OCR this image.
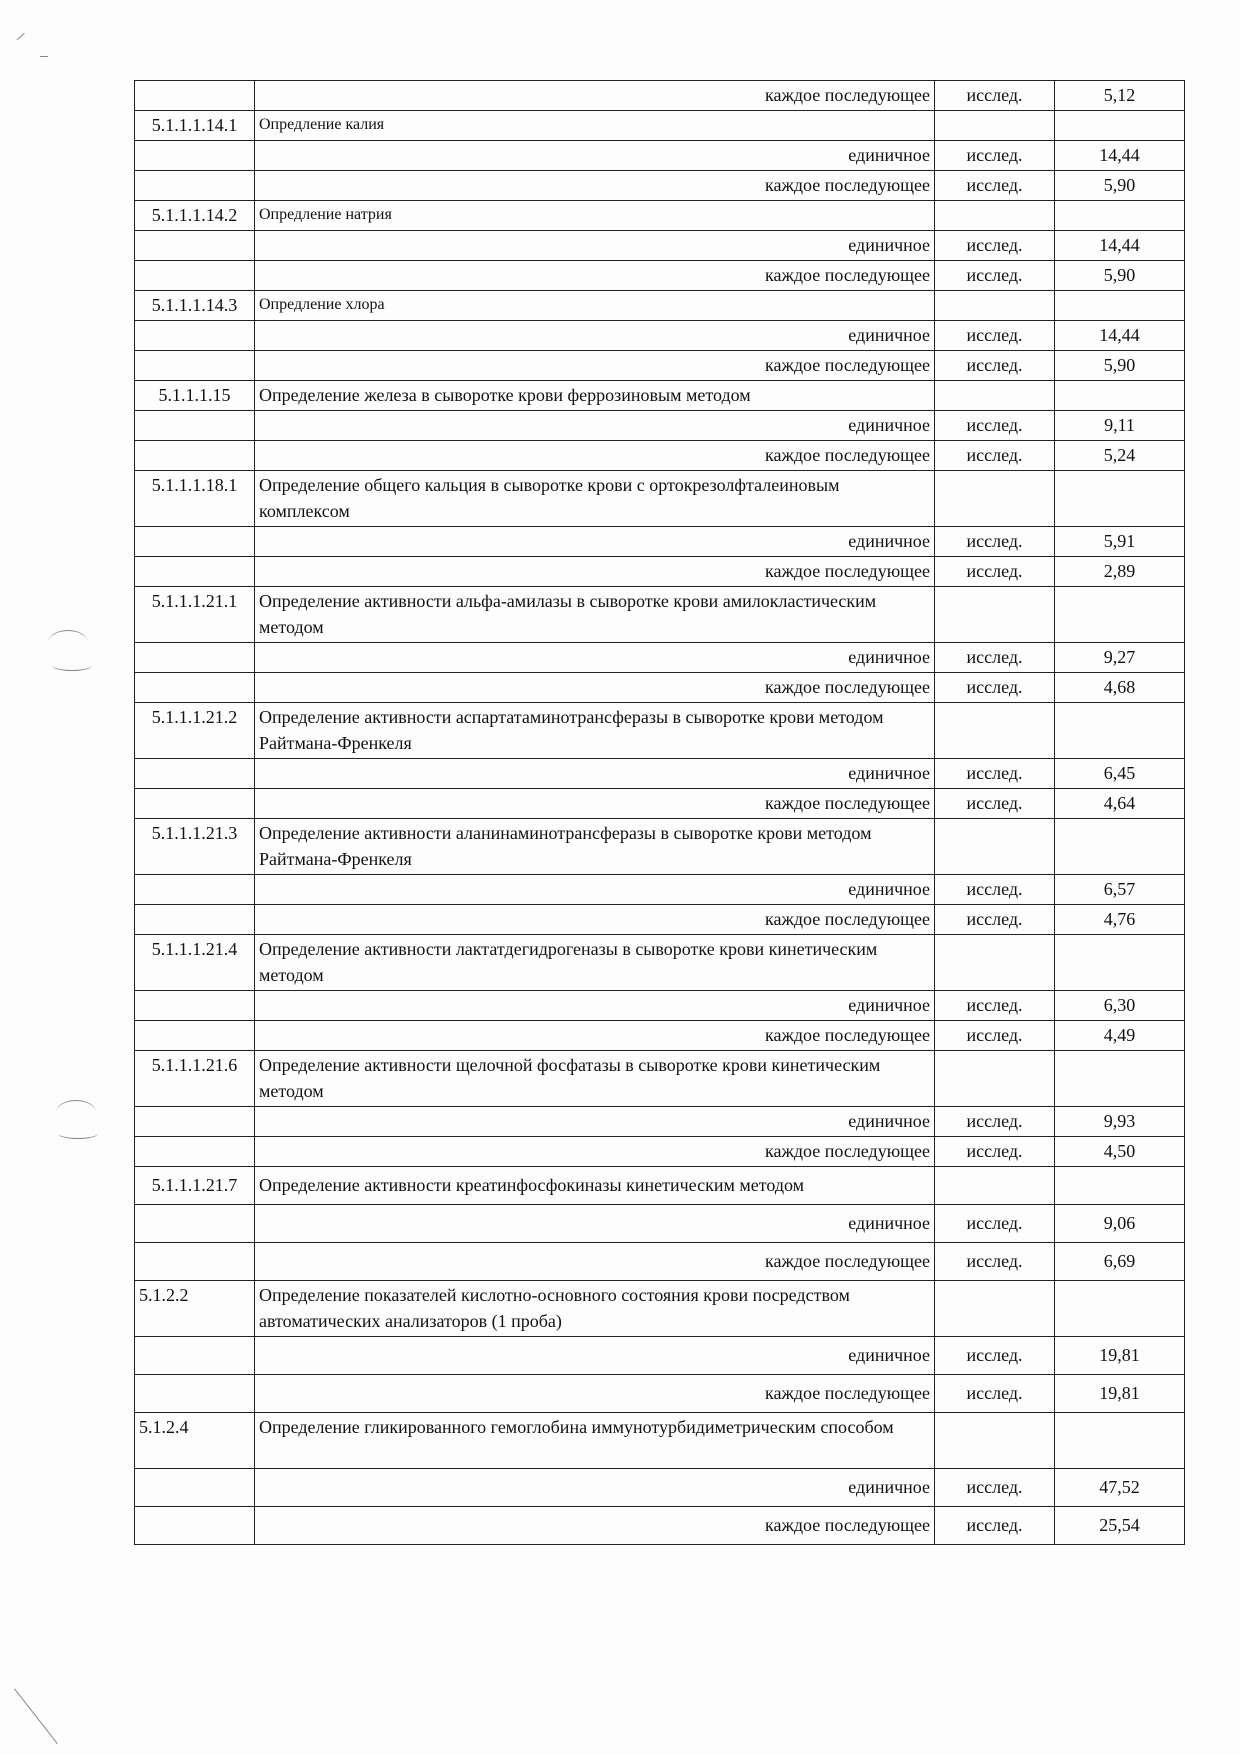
	каждое последующее	исслед.	5,12
5.1.1.1.14.1	Опредление калия		
	единичное	исслед.	14,44
	каждое последующее	исслед.	5,90
5.1.1.1.14.2	Опредление натрия		
	единичное	исслед.	14,44
	каждое последующее	исслед.	5,90
5.1.1.1.14.3	Опредление хлора		
	единичное	исслед.	14,44
	каждое последующее	исслед.	5,90
5.1.1.1.15	Определение железа в сыворотке крови феррозиновым методом		
	единичное	исслед.	9,11
	каждое последующее	исслед.	5,24
5.1.1.1.18.1	Определение общего кальция в сыворотке крови с ортокрезолфталеиновым комплексом		
	единичное	исслед.	5,91
	каждое последующее	исслед.	2,89
5.1.1.1.21.1	Определение активности альфа-амилазы в сыворотке крови амилокластическим методом		
	единичное	исслед.	9,27
	каждое последующее	исслед.	4,68
5.1.1.1.21.2	Определение активности аспартатаминотрансферазы в сыворотке крови методом Райтмана-Френкеля		
	единичное	исслед.	6,45
	каждое последующее	исслед.	4,64
5.1.1.1.21.3	Определение активности аланинаминотрансферазы в сыворотке крови методом Райтмана-Френкеля		
	единичное	исслед.	6,57
	каждое последующее	исслед.	4,76
5.1.1.1.21.4	Определение активности лактатдегидрогеназы в сыворотке крови кинетическим методом		
	единичное	исслед.	6,30
	каждое последующее	исслед.	4,49
5.1.1.1.21.6	Определение активности щелочной фосфатазы в сыворотке крови кинетическим методом		
	единичное	исслед.	9,93
	каждое последующее	исслед.	4,50
5.1.1.1.21.7	Определение активности креатинфосфокиназы кинетическим методом		
	единичное	исслед.	9,06
	каждое последующее	исслед.	6,69
5.1.2.2	Определение показателей кислотно-основного состояния крови посредством автоматических анализаторов (1 проба)		
	единичное	исслед.	19,81
	каждое последующее	исслед.	19,81
5.1.2.4	Определение гликированного гемоглобина иммунотурбидиметрическим способом		
	единичное	исслед.	47,52
	каждое последующее	исслед.	25,54
